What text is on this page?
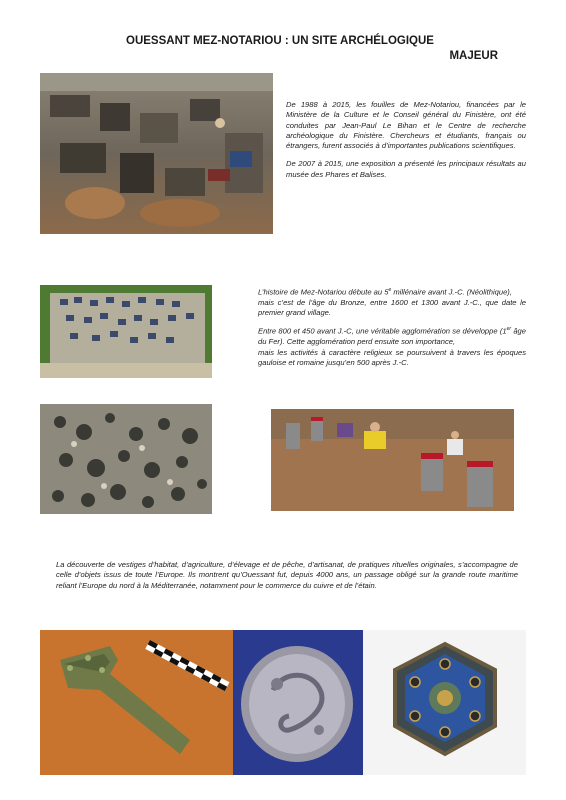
OUESSANT MEZ-NOTARIOU : UN SITE ARCHÉLOGIQUE
MAJEUR

De 1988 à 2015, les fouilles de Mez-Notariou, financées par le Ministère de la Culture et le Conseil général du Finistère, ont été conduites par Jean-Paul Le Bihan et le Centre de recherche archéologique du Finistère. Chercheurs et étudiants, français ou étrangers, furent associés à d’importantes publications scientifiques.

De 2007 à 2015, une exposition a présenté les principaux résultats au musée des Phares et Balises.

L’histoire de Mez-Notariou débute au 5e millénaire avant J.-C. (Néolithique),
mais c’est de l’âge du Bronze, entre 1600 et 1300 avant J.-C., que date le premier grand village.

Entre 800 et 450 avant J.-C, une véritable agglomération se développe (1er âge du Fer). Cette agglomération perd ensuite son importance,
mais les activités à caractère religieux se poursuivent à travers les époques gauloise et romaine jusqu’en 500 après J.-C.

La découverte de vestiges d’habitat, d’agriculture, d’élevage et de pêche, d’artisanat, de pratiques rituelles originales, s’accompagne de celle d’objets issus de toute l’Europe. Ils montrent qu’Ouessant fut, depuis 4000 ans, un passage obligé sur la grande route maritime reliant l’Europe du nord à la Méditerranée, notamment pour le commerce du cuivre et de l’étain.
